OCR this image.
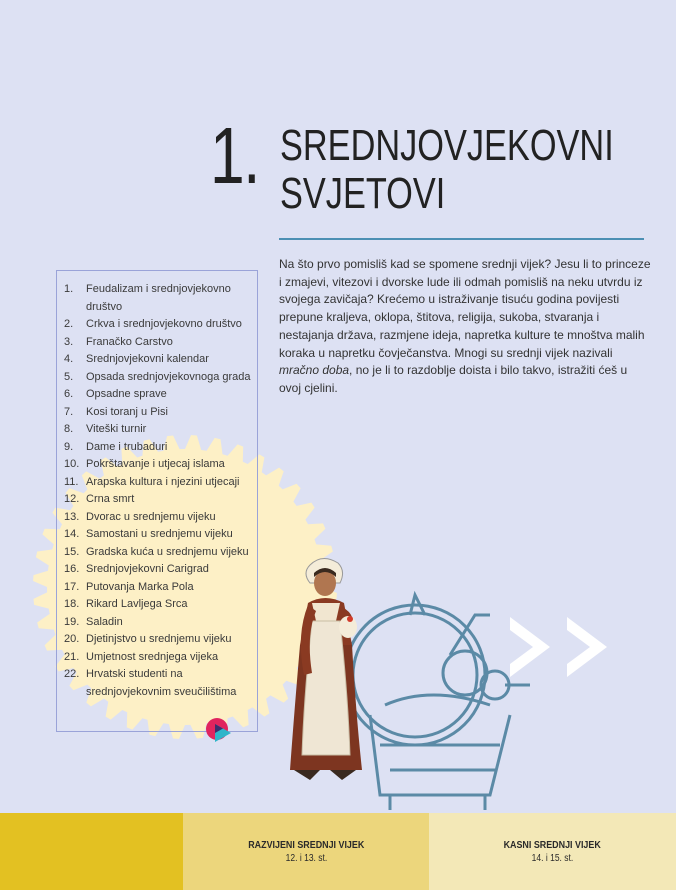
1. SREDNJOVJEKOVNI
SVJETOVI

Na što prvo pomisliš kad se spomene srednji vijek? Jesu li to princeze i zmajevi, vitezovi i dvorske lude ili odmah pomisliš na neku utvrdu iz svojega zavičaja? Krećemo u istraživanje tisuću godina povijesti prepune kraljeva, oklopa, štitova, religija, sukoba, stvaranja i nestajanja država, razmjene ideja, napretka kulture te mnoštva malih koraka u napretku čovječanstva. Mnogi su srednji vijek nazivali mračno doba, no je li to razdoblje doista i bilo takvo, istražiti ćeš u ovoj cjelini.

1.	Feudalizam i srednjovjekovno društvo
2.	Crkva i srednjovjekovno društvo
3.	Franačko Carstvo
4.	Srednjovjekovni kalendar
5.	Opsada srednjovjekovnoga grada
6.	Opsadne sprave
7.	Kosi toranj u Pisi
8.	Viteški turnir
9.	Dame i trubaduri
10. Pokrštavanje i utjecaj islama
11. Arapska kultura i njezini utjecaji
12. Crna smrt
13. Dvorac u srednjemu vijeku
14. Samostani u srednjemu vijeku
15. Gradska kuća u srednjemu vijeku
16. Srednjovjekovni Carigrad
17. Putovanja Marka Pola
18. Rikard Lavljega Srca
19. Saladin
20. Djetinjstvo u srednjemu vijeku
21. Umjetnost srednjega vijeka
22. Hrvatski studenti na srednjovjekovnim sveučilištima
RAZVIJENI SREDNJI VIJEK
12. i 13. st.
KASNI SREDNJI VIJEK
14. i 15. st.
